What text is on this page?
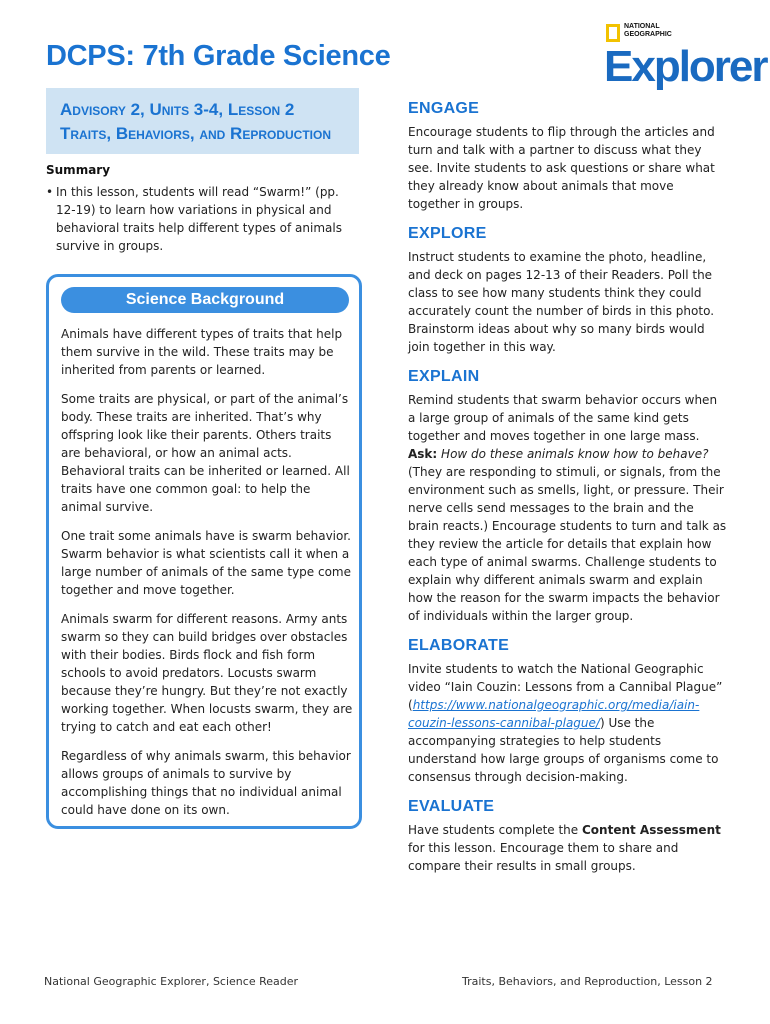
DCPS: 7th Grade Science
NATIONAL
GEOGRAPHIC
Explorer
Advisory 2, Units 3-4, Lesson 2
Traits, Behaviors, and Reproduction
Summary
• In this lesson, students will read “Swarm!” (pp. 12-19) to learn how variations in physical and behavioral traits help different types of animals survive in groups.
Science Background

Animals have different types of traits that help them survive in the wild. These traits may be inherited from parents or learned.

Some traits are physical, or part of the animal’s body. These traits are inherited. That’s why offspring look like their parents. Others traits are behavioral, or how an animal acts. Behavioral traits can be inherited or learned. All traits have one common goal: to help the animal survive.

One trait some animals have is swarm behavior. Swarm behavior is what scientists call it when a large number of animals of the same type come together and move together.

Animals swarm for different reasons. Army ants swarm so they can build bridges over obstacles with their bodies. Birds flock and fish form schools to avoid predators. Locusts swarm because they’re hungry. But they’re not exactly working together. When locusts swarm, they are trying to catch and eat each other!

Regardless of why animals swarm, this behavior allows groups of animals to survive by accomplishing things that no individual animal could have done on its own.

ENGAGE

Encourage students to flip through the articles and turn and talk with a partner to discuss what they see. Invite students to ask questions or share what they already know about animals that move together in groups.

EXPLORE

Instruct students to examine the photo, headline, and deck on pages 12-13 of their Readers. Poll the class to see how many students think they could accurately count the number of birds in this photo. Brainstorm ideas about why so many birds would join together in this way.

EXPLAIN

Remind students that swarm behavior occurs when a large group of animals of the same kind gets together and moves together in one large mass. Ask: How do these animals know how to behave? (They are responding to stimuli, or signals, from the environment such as smells, light, or pressure. Their nerve cells send messages to the brain and the brain reacts.) Encourage students to turn and talk as they review the article for details that explain how each type of animal swarms. Challenge students to explain why different animals swarm and explain how the reason for the swarm impacts the behavior of individuals within the larger group.

ELABORATE

Invite students to watch the National Geographic video “Iain Couzin: Lessons from a Cannibal Plague” (https://www.nationalgeographic.org/media/iain-couzin-lessons-cannibal-plague/) Use the accompanying strategies to help students understand how large groups of organisms come to consensus through decision-making.

EVALUATE

Have students complete the Content Assessment for this lesson. Encourage them to share and compare their results in small groups.

National Geographic Explorer, Science Reader	Traits, Behaviors, and Reproduction, Lesson 2
